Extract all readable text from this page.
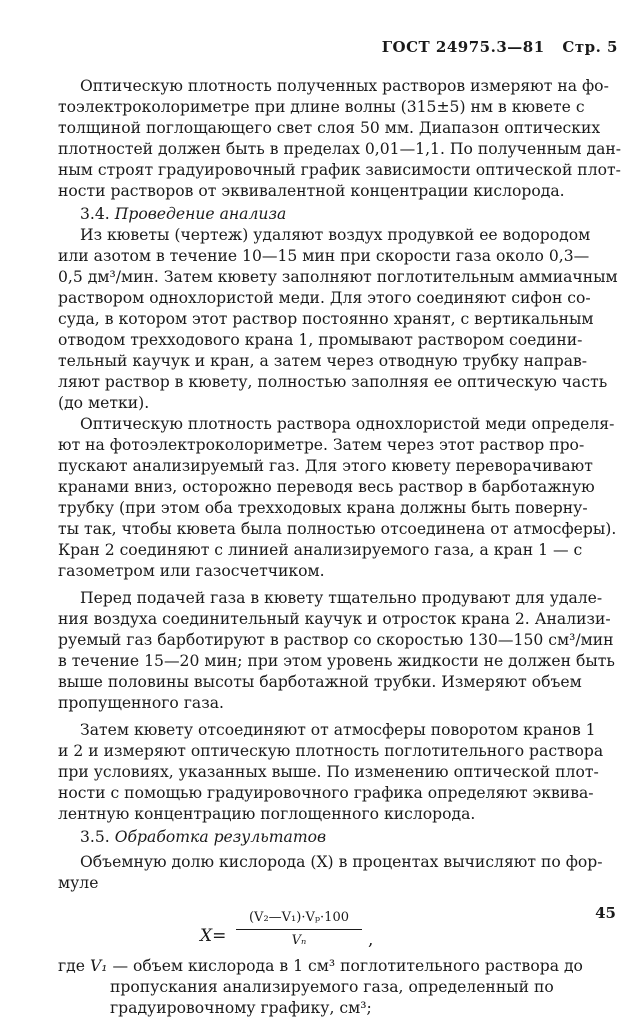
ГОСТ 24975.3—81 Стр. 5
Оптическую плотность полученных растворов измеряют на фо-
тоэлектроколориметре при длине волны (315±5) нм в кювете с
толщиной поглощающего свет слоя 50 мм. Диапазон оптических
плотностей должен быть в пределах 0,01—1,1. По полученным дан-
ным строят градуировочный график зависимости оптической плот-
ности растворов от эквивалентной концентрации кислорода.
3.4. Проведение анализа
Из кюветы (чертеж) удаляют воздух продувкой ее водородом
или азотом в течение 10—15 мин при скорости газа около 0,3—
0,5 дм³/мин. Затем кювету заполняют поглотительным аммиачным
раствором однохлористой меди. Для этого соединяют сифон со-
суда, в котором этот раствор постоянно хранят, с вертикальным
отводом трехходового крана 1, промывают раствором соедини-
тельный каучук и кран, а затем через отводную трубку направ-
ляют раствор в кювету, полностью заполняя ее оптическую часть
(до метки).
Оптическую плотность раствора однохлористой меди определя-
ют на фотоэлектроколориметре. Затем через этот раствор про-
пускают анализируемый газ. Для этого кювету переворачивают
кранами вниз, осторожно переводя весь раствор в барботажную
трубку (при этом оба трехходовых крана должны быть поверну-
ты так, чтобы кювета была полностью отсоединена от атмосферы).
Кран 2 соединяют с линией анализируемого газа, а кран 1 — с
газометром или газосчетчиком.
Перед подачей газа в кювету тщательно продувают для удале-
ния воздуха соединительный каучук и отросток крана 2. Анализи-
руемый газ барботируют в раствор со скоростью 130—150 см³/мин
в течение 15—20 мин; при этом уровень жидкости не должен быть
выше половины высоты барботажной трубки. Измеряют объем
пропущенного газа.
Затем кювету отсоединяют от атмосферы поворотом кранов 1
и 2 и измеряют оптическую плотность поглотительного раствора
при условиях, указанных выше. По изменению оптической плот-
ности с помощью градуировочного графика определяют эквива-
лентную концентрацию поглощенного кислорода.
3.5. Обработка результатов
Объемную долю кислорода (X) в процентах вычисляют по фор-
муле
X=
(V₂—V₁)·Vₚ·100
Vₙ	,
где V₁ — объем кислорода в 1 см³ поглотительного раствора до
пропускания анализируемого газа, определенный по
градуировочному графику, см³;
45
